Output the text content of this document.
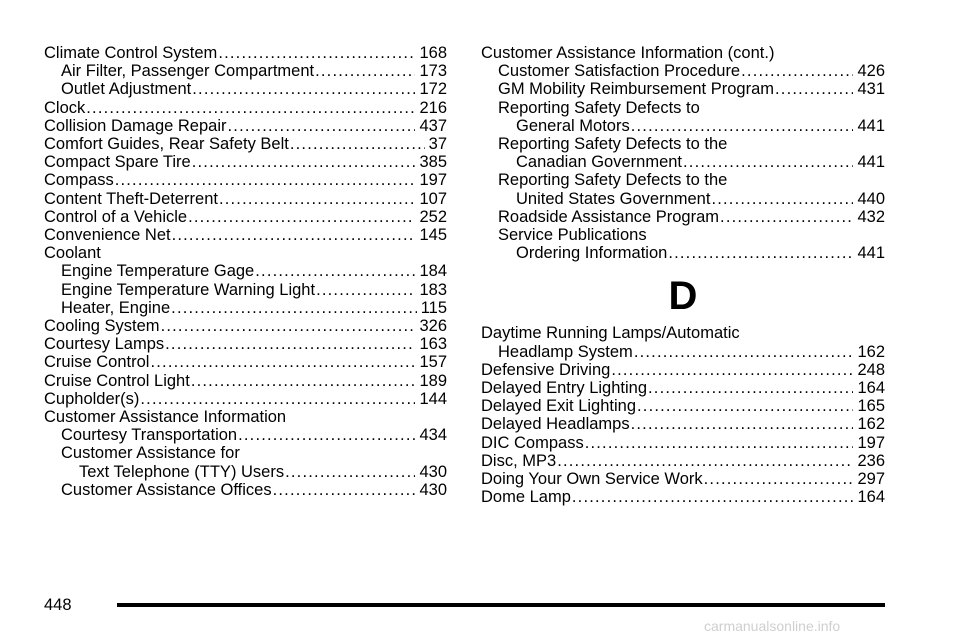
Climate Control System .....	168
Air Filter, Passenger Compartment .....	173
Outlet Adjustment .....	172
Clock .....	216
Collision Damage Repair .....	437
Comfort Guides, Rear Safety Belt .....	37
Compact Spare Tire .....	385
Compass .....	197
Content Theft-Deterrent .....	107
Control of a Vehicle .....	252
Convenience Net .....	145
Coolant
Engine Temperature Gage .....	184
Engine Temperature Warning Light .....	183
Heater, Engine .....	115
Cooling System .....	326
Courtesy Lamps .....	163
Cruise Control .....	157
Cruise Control Light .....	189
Cupholder(s) .....	144
Customer Assistance Information
Courtesy Transportation .....	434
Customer Assistance for
Text Telephone (TTY) Users .....	430
Customer Assistance Offices .....	430
Customer Assistance Information (cont.)
Customer Satisfaction Procedure .....	426
GM Mobility Reimbursement Program .....	431
Reporting Safety Defects to
General Motors .....	441
Reporting Safety Defects to the
Canadian Government .....	441
Reporting Safety Defects to the
United States Government .....	440
Roadside Assistance Program .....	432
Service Publications
Ordering Information .....	441
D
Daytime Running Lamps/Automatic
Headlamp System .....	162
Defensive Driving .....	248
Delayed Entry Lighting .....	164
Delayed Exit Lighting .....	165
Delayed Headlamps .....	162
DIC Compass .....	197
Disc, MP3 .....	236
Doing Your Own Service Work .....	297
Dome Lamp .....	164
448
carmanualsonline.info
